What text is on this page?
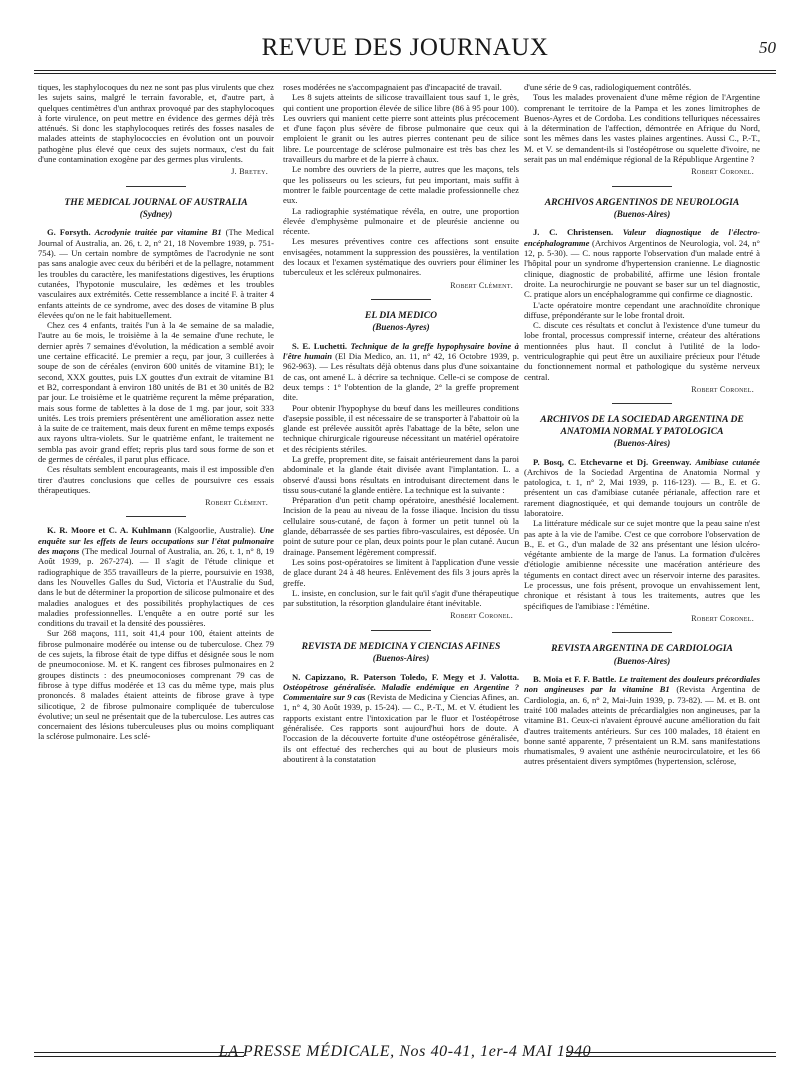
REVUE DES JOURNAUX	50

tiques, les staphylocoques du nez ne sont pas plus virulents que chez les sujets sains, malgré le terrain favorable, et, d'autre part, à quelques centimètres d'un anthrax provoqué par des staphylocoques à forte virulence, on peut mettre en évidence des germes déjà très atténués. Si donc les staphylocoques retirés des fosses nasales de malades atteints de staphylococcies en évolution ont un pouvoir pathogène plus élevé que ceux des sujets normaux, c'est du fait d'une contamination exogène par des germes plus virulents.

J. Bretey.
THE MEDICAL JOURNAL OF AUSTRALIA
(Sydney)

G. Forsyth. Acrodynie traitée par vitamine B1 (The Medical Journal of Australia, an. 26, t. 2, n° 21, 18 Novembre 1939, p. 751-754). — Un certain nombre de symptômes de l'acrodynie ne sont pas sans analogie avec ceux du béribéri et de la pellagre, notamment les troubles du caractère, les manifestations digestives, les éruptions cutanées, l'hypotonie musculaire, les œdèmes et les troubles vasculaires aux extrémités. Cette ressemblance a incité F. à traiter 4 enfants atteints de ce syndrome, avec des doses de vitamine B plus élevées qu'on ne le fait habituellement.

Chez ces 4 enfants, traités l'un à la 4e semaine de sa maladie, l'autre au 6e mois, le troisième à la 4e semaine d'une rechute, le dernier après 7 semaines d'évolution, la médication a semblé avoir une certaine efficacité. Le premier a reçu, par jour, 3 cuillerées à soupe de son de céréales (environ 600 unités de vitamine B1); le second, XXX gouttes, puis LX gouttes d'un extrait de vitamine B1 et B2, correspondant à environ 180 unités de B1 et 30 unités de B2 par jour. Le troisième et le quatrième reçurent la même préparation, mais sous forme de tablettes à la dose de 1 mg. par jour, soit 333 unités. Les trois premiers présentèrent une amélioration assez nette à la suite de ce traitement, mais deux furent en même temps exposés aux rayons ultra-violets. Sur le quatrième enfant, le traitement ne sembla pas avoir grand effet; repris plus tard sous forme de son et de germes de céréales, il parut plus efficace.

Ces résultats semblent encourageants, mais il est impossible d'en tirer d'autres conclusions que celles de poursuivre ces essais thérapeutiques.

Robert Clément.

K. R. Moore et C. A. Kuhlmann (Kalgoorlie, Australie). Une enquête sur les effets de leurs occupations sur l'état pulmonaire des maçons (The medical Journal of Australia, an. 26, t. 1, n° 8, 19 Août 1939, p. 267-274). — Il s'agit de l'étude clinique et radiographique de 355 travailleurs de la pierre, poursuivie en 1938, dans les Nouvelles Galles du Sud, Victoria et l'Australie du Sud, dans le but de déterminer la proportion de silicose pulmonaire et des maladies analogues et des possibilités prophylactiques de ces maladies professionnelles. L'enquête a en outre porté sur les conditions du travail et la densité des poussières.

Sur 268 maçons, 111, soit 41,4 pour 100, étaient atteints de fibrose pulmonaire modérée ou intense ou de tuberculose. Chez 79 de ces sujets, la fibrose était de type diffus et désignée sous le nom de pneumoconiose. M. et K. rangent ces fibroses pulmonaires en 2 groupes distincts : des pneumoconioses comprenant 79 cas de fibrose à type diffus modérée et 13 cas du même type, mais plus prononcés. 8 malades étaient atteints de fibrose grave à type silicotique, 2 de fibrose pulmonaire compliquée de tuberculose évolutive; un seul ne présentait que de la tuberculose. Les autres cas concernaient des lésions tuberculeuses plus ou moins compliquant la sclérose pulmonaire. Les sclé-

roses modérées ne s'accompagnaient pas d'incapacité de travail.

Les 8 sujets atteints de silicose travaillaient tous sauf 1, le grès, qui contient une proportion élevée de silice libre (86 à 95 pour 100). Les ouvriers qui manient cette pierre sont atteints plus précocement et d'une façon plus sévère de fibrose pulmonaire que ceux qui emploient le granit ou les autres pierres contenant peu de silice libre. Le pourcentage de sclérose pulmonaire est très bas chez les travailleurs du marbre et de la pierre à chaux.

Le nombre des ouvriers de la pierre, autres que les maçons, tels que les polisseurs ou les scieurs, fut peu important, mais suffit à montrer le faible pourcentage de cette maladie professionnelle chez eux.

La radiographie systématique révéla, en outre, une proportion élevée d'emphysème pulmonaire et de pleurésie ancienne ou récente.

Les mesures préventives contre ces affections sont ensuite envisagées, notamment la suppression des poussières, la ventilation des locaux et l'examen systématique des ouvriers pour éliminer les tuberculeux et les scléreux pulmonaires.

Robert Clément.
EL DIA MEDICO
(Buenos-Ayres)

S. E. Luchetti. Technique de la greffe hypophysaire bovine à l'être humain (El Dia Medico, an. 11, n° 42, 16 Octobre 1939, p. 962-963). — Les résultats déjà obtenus dans plus d'une soixantaine de cas, ont amené L. à décrire sa technique. Celle-ci se compose de deux temps : 1° l'obtention de la glande, 2° la greffe proprement dite.

Pour obtenir l'hypophyse du bœuf dans les meilleures conditions d'asepsie possible, il est nécessaire de se transporter à l'abattoir où la glande est prélevée aussitôt après l'abattage de la bête, selon une technique chirurgicale rigoureuse nécessitant un matériel opératoire et des récipients stériles.

La greffe, proprement dite, se faisait antérieurement dans la paroi abdominale et la glande était divisée avant l'implantation. L. a observé d'aussi bons résultats en introduisant directement dans le tissu sous-cutané la glande entière. La technique est la suivante :

Préparation d'un petit champ opératoire, anesthésié localement. Incision de la peau au niveau de la fosse iliaque. Incision du tissu cellulaire sous-cutané, de façon à former un petit tunnel où la glande, débarrassée de ses parties fibro-vasculaires, est déposée. Un point de suture pour ce plan, deux points pour le plan cutané. Aucun drainage. Pansement légèrement compressif.

Les soins post-opératoires se limitent à l'application d'une vessie de glace durant 24 à 48 heures. Enlèvement des fils 3 jours après la greffe.

L. insiste, en conclusion, sur le fait qu'il s'agit d'une thérapeutique par substitution, la résorption glandulaire étant inévitable.

Robert Coronel.
REVISTA DE MEDICINA Y CIENCIAS AFINES
(Buenos-Aires)

N. Capizzano, R. Paterson Toledo, F. Megy et J. Valotta. Ostéopétrose généralisée. Maladie endémique en Argentine ? Commentaire sur 9 cas (Revista de Medicina y Ciencias Afines, an. 1, n° 4, 30 Août 1939, p. 15-24). — C., P.-T., M. et V. étudient les rapports existant entre l'intoxication par le fluor et l'ostéopétrose généralisée. Ces rapports sont aujourd'hui hors de doute. A l'occasion de la découverte fortuite d'une ostéopétrose généralisée, ils ont effectué des recherches qui au bout de plusieurs mois aboutirent à la constatation

d'une série de 9 cas, radiologiquement contrôlés.

Tous les malades provenaient d'une même région de l'Argentine comprenant le territoire de la Pampa et les zones limitrophes de Buenos-Ayres et de Cordoba. Les conditions telluriques nécessaires à la détermination de l'affection, démontrée en Afrique du Nord, sont les mêmes dans les vastes plaines argentines. Aussi C., P.-T., M. et V. se demandent-ils si l'ostéopétrose ou squelette d'ivoire, ne serait pas un mal endémique régional de la République Argentine ?

Robert Coronel.
ARCHIVOS ARGENTINOS DE NEUROLOGIA
(Buenos-Aires)

J. C. Christensen. Valeur diagnostique de l'électro-encéphalogramme (Archivos Argentinos de Neurologia, vol. 24, n° 12, p. 5-30). — C. nous rapporte l'observation d'un malade entré à l'hôpital pour un syndrome d'hypertension cranienne. Le diagnostic clinique, diagnostic de probabilité, affirme une lésion frontale droite. La neurochirurgie ne pouvant se baser sur un tel diagnostic, C. pratique alors un encéphalogramme qui confirme ce diagnostic.

L'acte opératoire montre cependant une arachnoïdite chronique diffuse, prépondérante sur le lobe frontal droit.

C. discute ces résultats et conclut à l'existence d'une tumeur du lobe frontal, processus compressif interne, créateur des altérations mentionnées plus haut. Il conclut à l'utilité de la lodo-ventriculographie qui peut être un auxiliaire précieux pour l'étude du fonctionnement normal et pathologique du système nerveux central.

Robert Coronel.
ARCHIVOS DE LA SOCIEDAD ARGENTINA DE ANATOMIA NORMAL Y PATOLOGICA
(Buenos-Aires)

P. Bosq, C. Etchevarne et Dj. Greenway. Amibiase cutanée (Archivos de la Sociedad Argentina de Anatomia Normal y patologica, t. 1, n° 2, Mai 1939, p. 116-123). — B., E. et G. présentent un cas d'amibiase cutanée périanale, affection rare et rarement diagnostiquée, et qui demande toujours un contrôle de laboratoire.

La littérature médicale sur ce sujet montre que la peau saine n'est pas apte à la vie de l'amibe. C'est ce que corrobore l'observation de B., E. et G., d'un malade de 32 ans présentant une lésion ulcéro-végétante ambiente de la marge de l'anus. La formation d'ulcères d'étiologie amibienne nécessite une macération antérieure des téguments en contact direct avec un réservoir interne des parasites. Le processus, une fois présent, provoque un envahissement lent, chronique et résistant à tous les traitements, autres que les spécifiques de l'amibiase : l'émétine.

Robert Coronel.
REVISTA ARGENTINA DE CARDIOLOGIA
(Buenos-Aires)

B. Moïa et F. F. Battle. Le traitement des douleurs précordiales non angineuses par la vitamine B1 (Revista Argentina de Cardiologia, an. 6, n° 2, Mai-Juin 1939, p. 73-82). — M. et B. ont traité 100 malades atteints de précardialgies non angineuses, par la vitamine B1. Ceux-ci n'avaient éprouvé aucune amélioration du fait d'autres traitements antérieurs. Sur ces 100 malades, 18 étaient en bonne santé apparente, 7 présentaient un R.M. sans manifestations rhumatismales, 9 avaient une asthénie neurocirculatoire, et les 66 autres présentaient divers symptômes (hypertension, sclérose,

LA PRESSE MÉDICALE, Nos 40-41, 1er-4 MAI 1940
